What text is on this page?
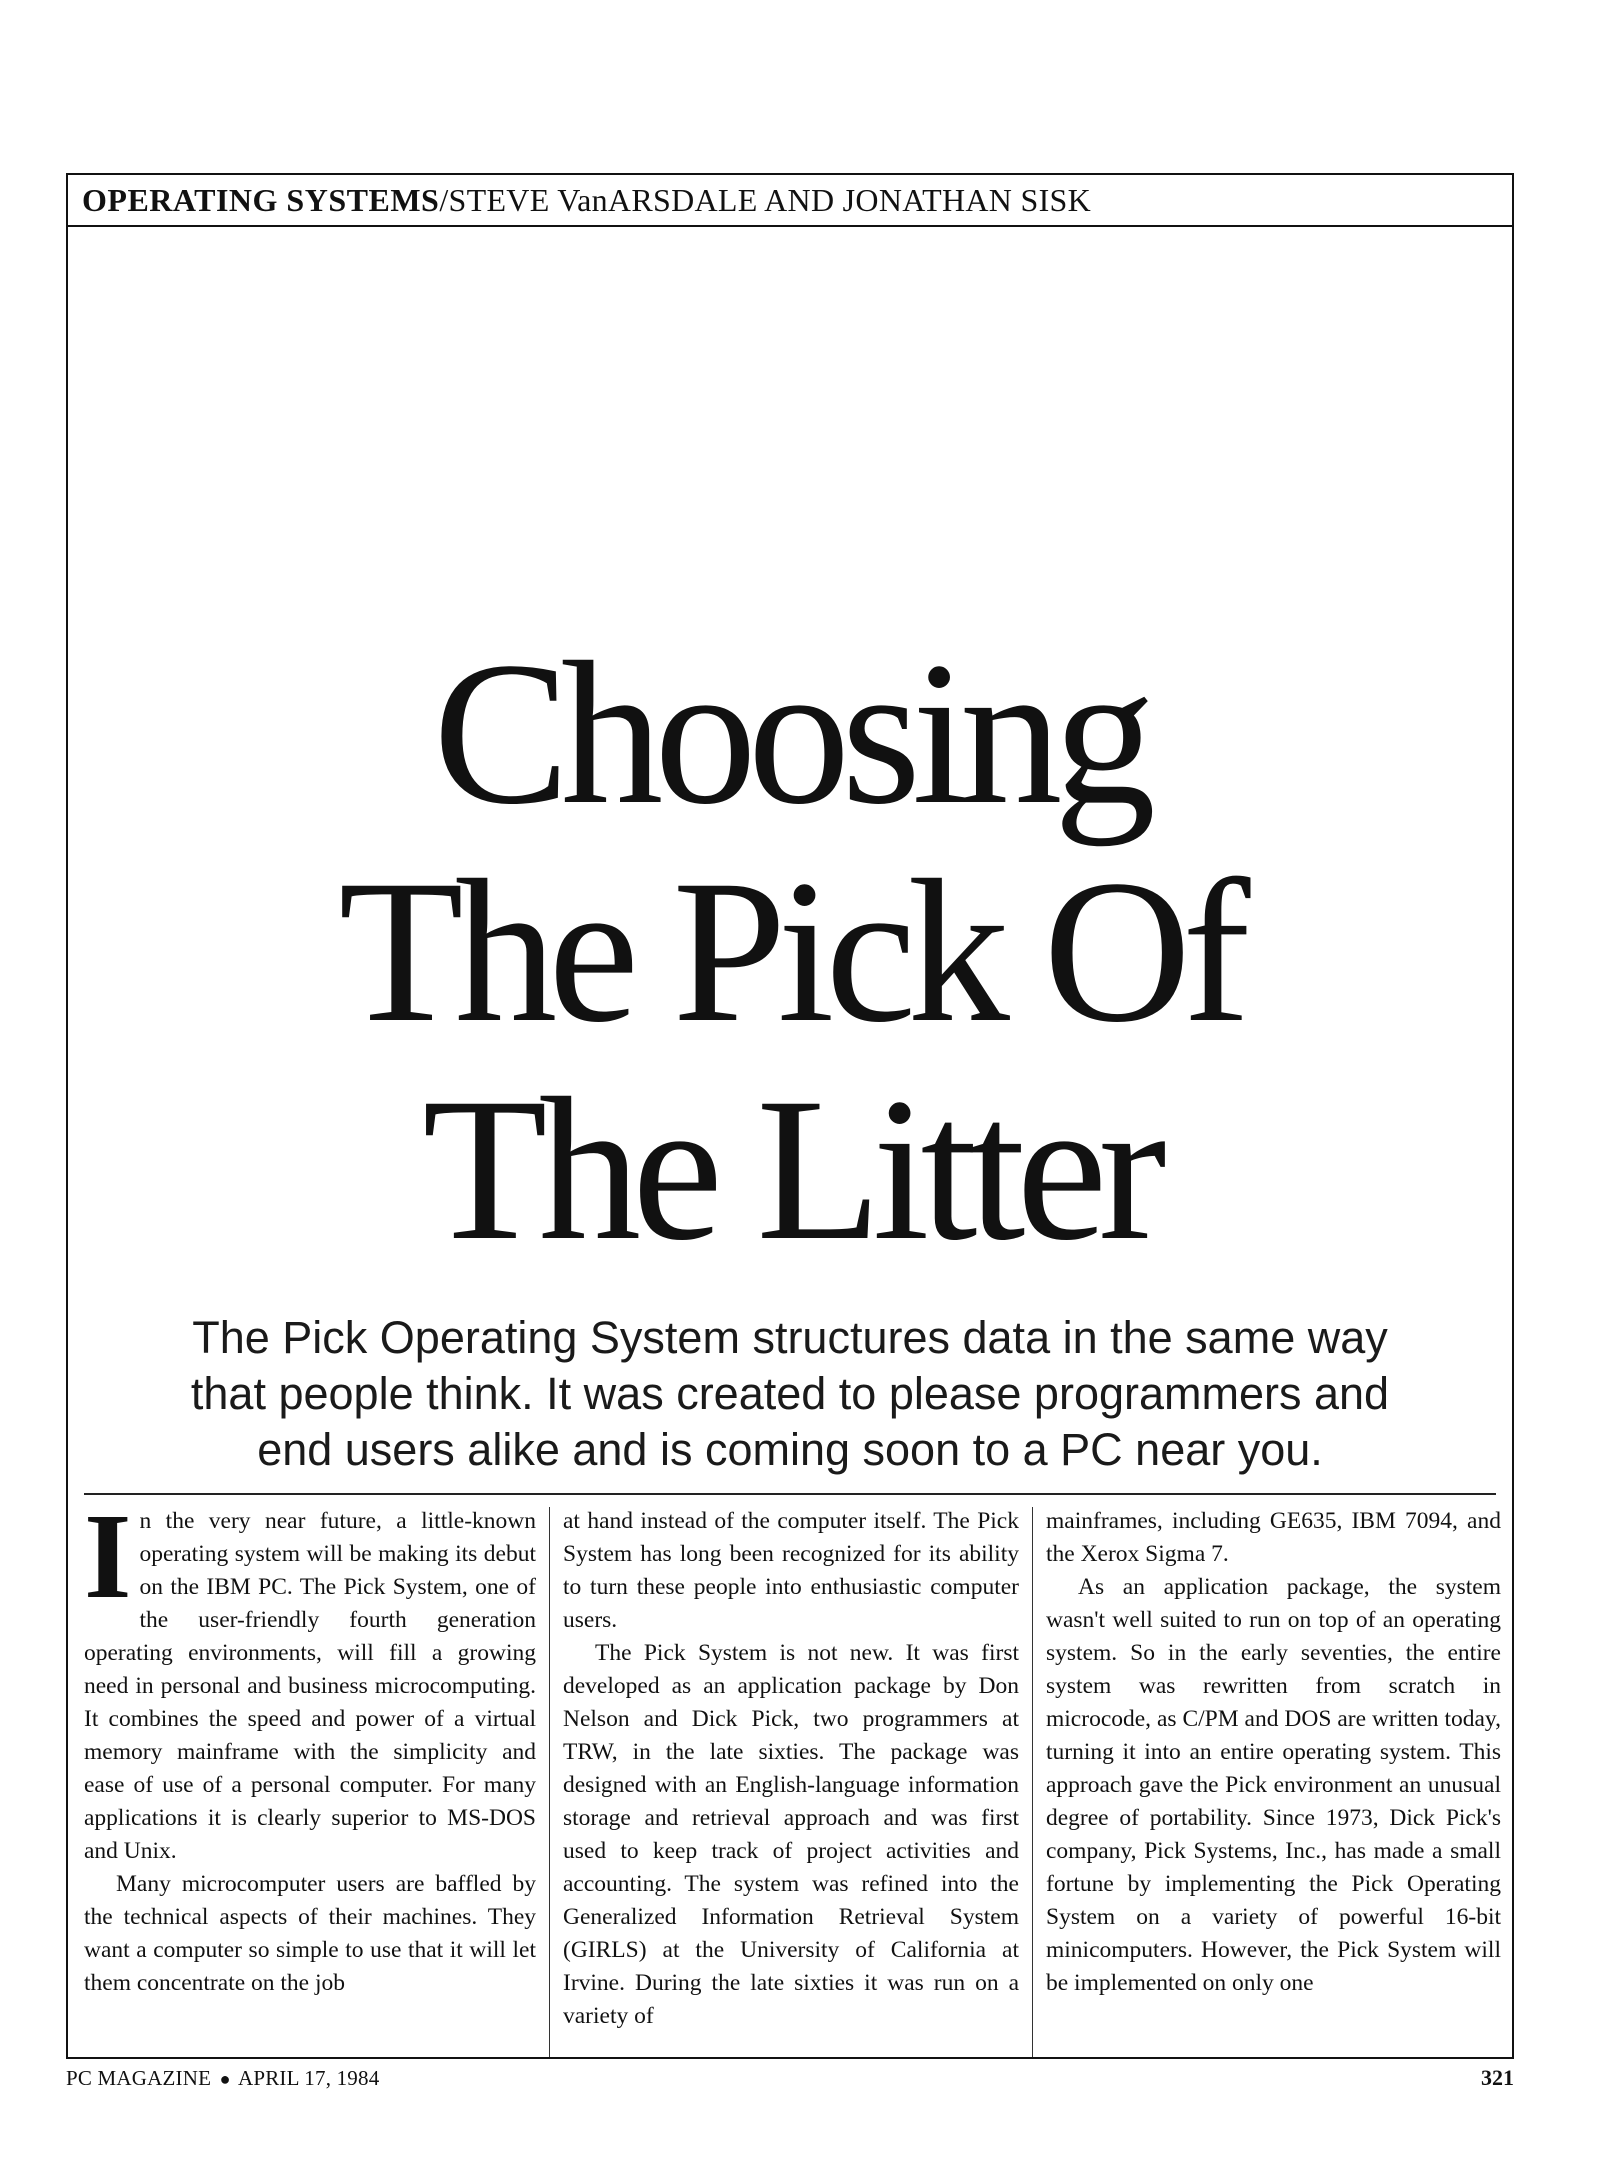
OPERATING SYSTEMS /STEVE VanARSDALE AND JONATHAN SISK
Choosing
The Pick Of
The Litter
The Pick Operating System structures data in the same way
that people think. It was created to please programmers and
end users alike and is coming soon to a PC near you.

In the very near future, a little-known operating system will be making its debut on the IBM PC. The Pick System, one of the user-friendly fourth generation operating environments, will fill a growing need in personal and business microcomputing. It combines the speed and power of a virtual memory mainframe with the simplicity and ease of use of a personal computer. For many applications it is clearly superior to MS-DOS and Unix.

Many microcomputer users are baffled by the technical aspects of their machines. They want a computer so simple to use that it will let them concentrate on the job

at hand instead of the computer itself. The Pick System has long been recognized for its ability to turn these people into enthusiastic computer users.

The Pick System is not new. It was first developed as an application package by Don Nelson and Dick Pick, two programmers at TRW, in the late sixties. The package was designed with an English-language information storage and retrieval approach and was first used to keep track of project activities and accounting. The system was refined into the Generalized Information Retrieval System (GIRLS) at the University of California at Irvine. During the late sixties it was run on a variety of

mainframes, including GE635, IBM 7094, and the Xerox Sigma 7.

As an application package, the system wasn't well suited to run on top of an operating system. So in the early seventies, the entire system was rewritten from scratch in microcode, as C/PM and DOS are written today, turning it into an entire operating system. This approach gave the Pick environment an unusual degree of portability. Since 1973, Dick Pick's company, Pick Systems, Inc., has made a small fortune by implementing the Pick Operating System on a variety of powerful 16-bit minicomputers. However, the Pick System will be implemented on only one

PC MAGAZINE ● APRIL 17, 1984	321
